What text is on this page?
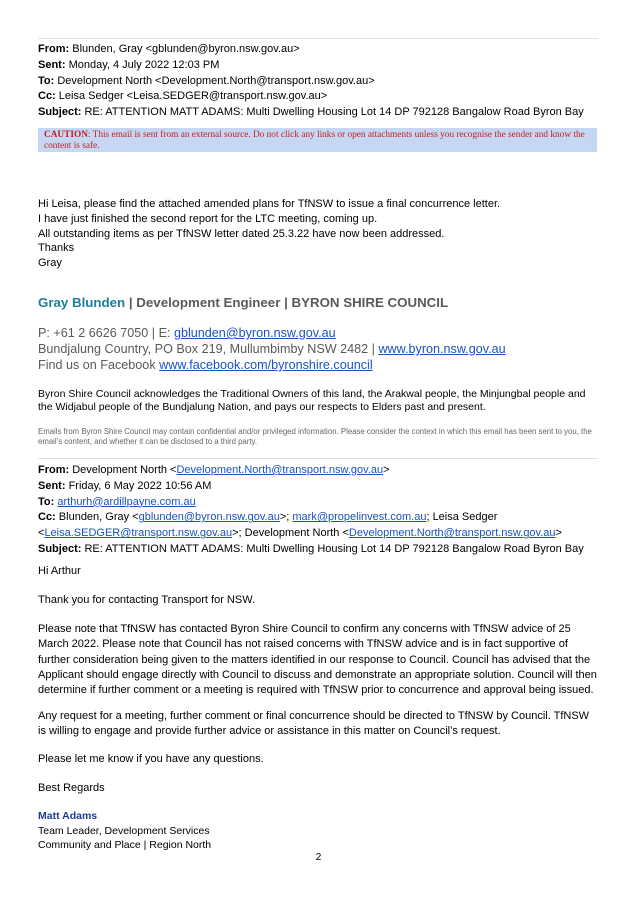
From: Blunden, Gray <gblunden@byron.nsw.gov.au>
Sent: Monday, 4 July 2022 12:03 PM
To: Development North <Development.North@transport.nsw.gov.au>
Cc: Leisa Sedger <Leisa.SEDGER@transport.nsw.gov.au>
Subject: RE: ATTENTION MATT ADAMS: Multi Dwelling Housing Lot 14 DP 792128 Bangalow Road Byron Bay
CAUTION: This email is sent from an external source. Do not click any links or open attachments unless you recognise the sender and know the content is safe.
Hi Leisa, please find the attached amended plans for TfNSW to issue a final concurrence letter.
I have just finished the second report for the LTC meeting, coming up.
All outstanding items as per TfNSW letter dated 25.3.22 have now been addressed.
Thanks
Gray
Gray Blunden | Development Engineer | BYRON SHIRE COUNCIL
P: +61 2 6626 7050 | E: gblunden@byron.nsw.gov.au
Bundjalung Country, PO Box 219, Mullumbimby NSW 2482 | www.byron.nsw.gov.au
Find us on Facebook www.facebook.com/byronshire.council
Byron Shire Council acknowledges the Traditional Owners of this land, the Arakwal people, the Minjungbal people and the Widjabul people of the Bundjalung Nation, and pays our respects to Elders past and present.
Emails from Byron Shire Council may contain confidential and/or privileged information. Please consider the context in which this email has been sent to you, the email’s content, and whether it can be disclosed to a third party.
From: Development North <Development.North@transport.nsw.gov.au>
Sent: Friday, 6 May 2022 10:56 AM
To: arthurh@ardillpayne.com.au
Cc: Blunden, Gray <gblunden@byron.nsw.gov.au>; mark@propelinvest.com.au; Leisa Sedger
<Leisa.SEDGER@transport.nsw.gov.au>; Development North <Development.North@transport.nsw.gov.au>
Subject: RE: ATTENTION MATT ADAMS: Multi Dwelling Housing Lot 14 DP 792128 Bangalow Road Byron Bay
Hi Arthur
Thank you for contacting Transport for NSW.
Please note that TfNSW has contacted Byron Shire Council to confirm any concerns with TfNSW advice of 25 March 2022. Please note that Council has not raised concerns with TfNSW advice and is in fact supportive of further consideration being given to the matters identified in our response to Council. Council has advised that the Applicant should engage directly with Council to discuss and demonstrate an appropriate solution. Council will then determine if further comment or a meeting is required with TfNSW prior to concurrence and approval being issued.
Any request for a meeting, further comment or final concurrence should be directed to TfNSW by Council. TfNSW is willing to engage and provide further advice or assistance in this matter on Council’s request.
Please let me know if you have any questions.
Best Regards
Matt Adams
Team Leader, Development Services
Community and Place | Region North
2
